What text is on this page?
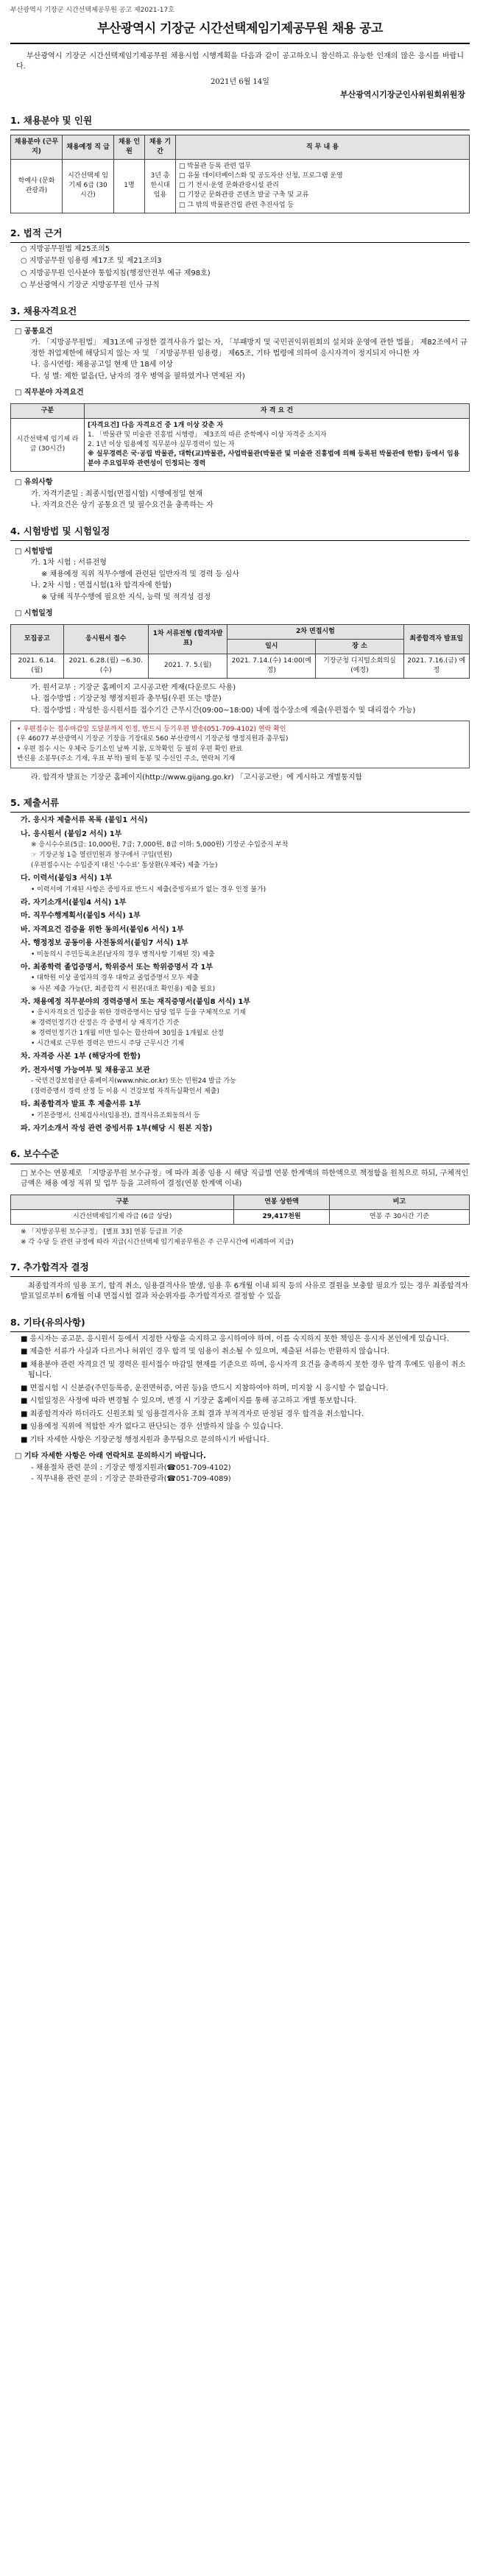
부산광역시 기장군 시간선택제공무원 공고 제2021-17호
부산광역시 기장군 시간선택제임기제공무원 채용 공고
부산광역시 기장군 시간선택제임기제공무원 채용시험 시행계획을 다음과 같이 공고하오니 참신하고 유능한 인재의 많은 응시를 바랍니다.
2021년 6월 14일
부산광역시기장군인사위원회위원장
1. 채용분야 및 인원
채용분야 (근무지)	채용예정 직 급	채용 인원	채용 기간	직 무 내 용
학예사 (문화 관광과)	시간선택제 임기제 6급 (30시간)	1명	3년 총한시대 임용	□ 박물관 등록 관련 업무
□ 유물 데이터베이스화 및 공도자산 신청, 프로그램 운영
□ 기 전시·운영 문화관광시설 관리
□ 기장군 문화관광 콘텐츠 발굴 구축 및 교류
□ 그 밖의 박물관건립 관련 추진사업 등
2. 법적 근거
○ 지방공무원법 제25조의5
○ 지방공무원 임용령 제17조 및 제21조의3
○ 지방공무원 인사분야 통합지침(행정안전부 예규 제98호)
○ 부산광역시 기장군 지방공무원 인사 규칙
3. 채용자격요건
□ 공통요건
가. 「지방공무원법」 제31조에 규정한 결격사유가 없는 자, 「부패방지 및 국민권익위원회의 설치와 운영에 관한 법률」 제82조에서 규정한 취업제한에 해당되지 않는 자 및 「지방공무원 임용령」 제65조, 기타 법령에 의하여 응시자격이 정지되지 아니한 자
나. 응시연령: 채용공고일 현재 만 18세 이상
다. 성 별: 제한 없음(단, 남자의 경우 병역을 필하였거나 면제된 자)
□ 직무분야 자격요건
구분	자 격 요 건
시간선택제 임기제 라급 (30시간)	[자격요건] 다음 자격요건 중 1개 이상 갖춘 자
1. 「박물관 및 미술관 진흥법 시행령」 제3조의 따른 준학예사 이상 자격증 소지자
2. 1년 이상 임용예정 직무분야 실무경력이 있는 자
※ 실무경력은 국·공립 박물관, 대학(교)박물관, 사업박물관(박물관 및 미술관 진흥법에 의해 등록된 박물관에 한함) 등에서 임용분야 주요업무와 관련성이 인정되는 경력
□ 유의사항
가. 자격기준일 : 최종시험(면접시험) 시행예정일 현재
나. 자격요건은 상기 공통요건 및 필수요건을 충족하는 자
4. 시험방법 및 시험일정
□ 시험방법
가. 1차 시험 : 서류전형
※ 채용예정 직위 직무수행에 관련된 일반자격 및 경력 등 심사
나. 2차 시험 : 면접시험(1차 합격자에 한함)
※ 당해 직무수행에 필요한 지식, 능력 및 적격성 검정
□ 시험일정
모집공고	응시원서 접수	1차 서류전형 (합격자발표)	2차 면접시험		최종합격자 발표일
			일시	장 소	
2021. 6.14.(월)	2021. 6.28.(월) ~6.30.(수)	2021. 7. 5.(월)	2021. 7.14.(수) 14:00(예정)	기장군청 디지털소회의실(예정)	2021. 7.16.(금) 예정
가. 원서교부 : 기장군 홈페이지 고시공고란 게재(다운로드 사용)
나. 접수방법 : 기장군청 행정지원과 총무팀(우편 또는 방문)
다. 접수방법 : 작성한 응시원서를 접수기간 근무시간(09:00~18:00) 내에 접수장소에 제출(우편접수 및 대리접수 가능)
• 우편접수는 접수마감일 도달분까지 인정, 반드시 등기우편 발송(051-709-4102) 연락 확인
(우 46077 부산광역시 기장군 기장읍 기장대로 560 부산광역시 기장군청 행정지원과 총무팀)
• 우편 접수 시는 우체국 등기소인 날짜 지참, 도착확인 등 필히 우편 확인 완료
반신용 소봉투(주소 기재, 우표 부착) 필히 동봉 및 수신인 주소, 연락처 기재
라. 합격자 발표는 기장군 홈페이지(http://www.gijang.go.kr) 「고시공고란」에 게시하고 개별통지함
5. 제출서류
가. 응시자 제출서류 목록 (붙임1 서식)
나. 응시원서 (붙임2 서식) 1부
※ 응시수수료(5급: 10,000원, 7급: 7,000원, 8급 이하: 5,000원) 기장군 수입증지 부착
☞ 기장군청 1층 열린민원과 창구에서 구입(민원)
(우편접수시는 수입증지 대신 '수수료' 통상환(우체국) 제출 가능)
다. 이력서(붙임3 서식) 1부
• 이력서에 기재된 사항은 증빙자료 반드시 제출(증빙자료가 없는 경우 인정 불가)
라. 자기소개서(붙임4 서식) 1부
마. 직무수행계획서(붙임5 서식) 1부
바. 자격요건 검증을 위한 동의서(붙임6 서식) 1부
사. 행정정보 공동이용 사전동의서(붙임7 서식) 1부
• 미동의시 주민등록초본(남자의 경우 병적사항 기재된 것) 제출
아. 최종학력 졸업증명서, 학위증서 또는 학위증명서 각 1부
• 대학원 이상 졸업자의 경우 대학교 졸업증명서 모두 제출
※ 사본 제출 가능(단, 최종합격 시 원본(대조 확인용) 제출 필요)
자. 채용예정 직무분야의 경력증명서 또는 재직증명서(붙임8 서식) 1부
• 응시자격요건 입증을 위한 경력증명서는 담당 업무 등을 구체적으로 기재
※ 경력인정기간 산정은 각 증명서 상 재직기간 기준
※ 경력인정기간 1개월 미만 일수는 합산하여 30일을 1개월로 산정
• 시간제로 근무한 경력은 반드시 주당 근무시간 기재
차. 자격증 사본 1부 (해당자에 한함)
카. 전자서명 가능여부 및 채용공고 보관
- 국민건강보험공단 홈페이지(www.nhic.or.kr) 또는 민원24 발급 가능
(경력증명서 경력 산정 등 이용 시 건강보험 자격득실확인서 제출)
타. 최종합격자 발표 후 제출서류 1부
• 기본증명서, 신체검사서(임용전), 결격사유조회동의서 등
파. 자기소개서 작성 관련 증빙서류 1부(해당 시 원본 지참)
6. 보수수준
□ 보수는 연봉제로 「지방공무원 보수규정」에 따라 최종 임용 시 해당 직급별 연봉 한계액의 하한액으로 책정함을 원칙으로 하되, 구체적인 금액은 채용 예정 직위 및 업무 등을 고려하여 결정(연봉 한계액 이내)
구분	연봉 상한액	비고
시간선택제임기제 라급 (6급 상당)	29,417천원	연봉 주 30시간 기준
※ 「지방공무원 보수규정」 [별표 33] 연봉 등급표 기준
※ 각 수당 등 관련 규정에 따라 지급(시간선택제 임기제공무원은 주 근무시간에 비례하여 지급)
7. 추가합격자 결정
최종합격자의 임용 포기, 합격 취소, 임용결격사유 발생, 임용 후 6개월 이내 퇴직 등의 사유로 결원을 보충할 필요가 있는 경우 최종합격자 발표일로부터 6개월 이내 면접시험 결과 차순위자를 추가합격자로 결정할 수 있음
8. 기타(유의사항)
■ 응시자는 공고문, 응시원서 등에서 지정한 사항을 숙지하고 응시하여야 하며, 이를 숙지하지 못한 책임은 응시자 본인에게 있습니다.
■ 제출한 서류가 사실과 다르거나 허위인 경우 합격 및 임용이 취소될 수 있으며, 제출된 서류는 반환하지 않습니다.
■ 채용분야 관련 자격요건 및 경력은 원서접수 마감일 현재를 기준으로 하며, 응시자격 요건을 충족하지 못한 경우 합격 후에도 임용이 취소됩니다.
■ 면접시험 시 신분증(주민등록증, 운전면허증, 여권 등)을 반드시 지참하여야 하며, 미지참 시 응시할 수 없습니다.
■ 시험일정은 사정에 따라 변경될 수 있으며, 변경 시 기장군 홈페이지를 통해 공고하고 개별 통보합니다.
■ 최종합격자라 하더라도 신원조회 및 임용결격사유 조회 결과 부적격자로 판정된 경우 합격을 취소합니다.
■ 임용예정 직위에 적합한 자가 없다고 판단되는 경우 선발하지 않을 수 있습니다.
■ 기타 자세한 사항은 기장군청 행정지원과 총무팀으로 문의하시기 바랍니다.
□ 기타 자세한 사항은 아래 연락처로 문의하시기 바랍니다.
- 채용절차 관련 문의 : 기장군 행정지원과(☎051-709-4102)
- 직무내용 관련 문의 : 기장군 문화관광과(☎051-709-4089)
